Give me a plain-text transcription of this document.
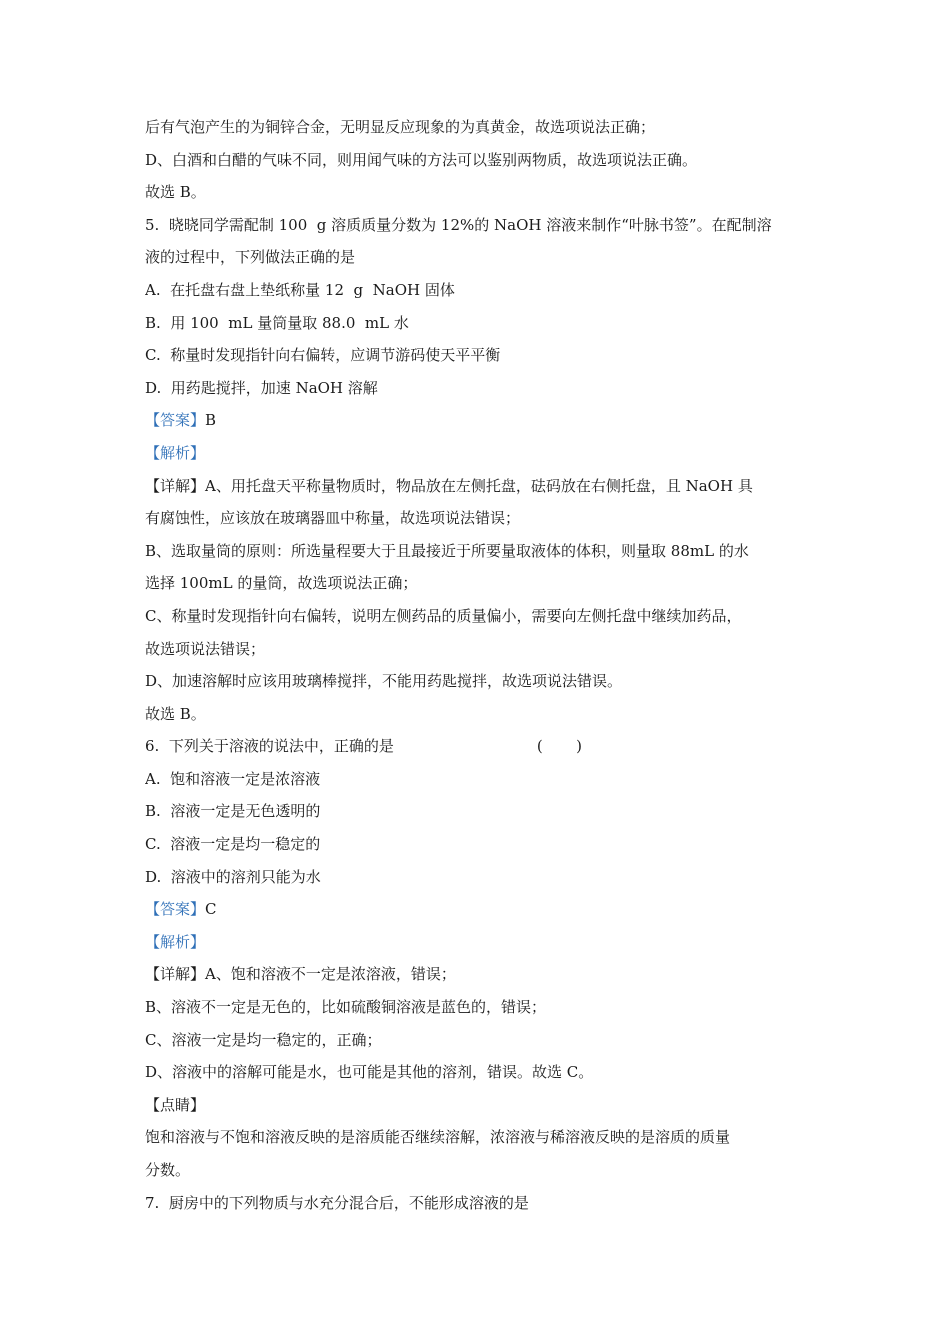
后有气泡产生的为铜锌合金，无明显反应现象的为真黄金，故选项说法正确；
D、白酒和白醋的气味不同，则用闻气味的方法可以鉴别两物质，故选项说法正确。
故选 B。
5.  晓晓同学需配制 100  g 溶质质量分数为 12%的 NaOH 溶液来制作“叶脉书签”。在配制溶
液的过程中，下列做法正确的是
A.  在托盘右盘上垫纸称量 12  g  NaOH 固体
B.  用 100  mL 量筒量取 88.0  mL 水
C.  称量时发现指针向右偏转，应调节游码使天平平衡
D.  用药匙搅拌，加速 NaOH 溶解
【答案】B
【解析】
【详解】A、用托盘天平称量物质时，物品放在左侧托盘，砝码放在右侧托盘，且 NaOH 具
有腐蚀性，应该放在玻璃器皿中称量，故选项说法错误；
B、选取量筒的原则：所选量程要大于且最接近于所要量取液体的体积，则量取 88mL 的水
选择 100mL 的量筒，故选项说法正确；
C、称量时发现指针向右偏转，说明左侧药品的质量偏小，需要向左侧托盘中继续加药品，
故选项说法错误；
D、加速溶解时应该用玻璃棒搅拌，不能用药匙搅拌，故选项说法错误。
故选 B。
6.  下列关于溶液的说法中，正确的是                              (       )
A.  饱和溶液一定是浓溶液
B.  溶液一定是无色透明的
C.  溶液一定是均一稳定的
D.  溶液中的溶剂只能为水
【答案】C
【解析】
【详解】A、饱和溶液不一定是浓溶液，错误；
B、溶液不一定是无色的，比如硫酸铜溶液是蓝色的，错误；
C、溶液一定是均一稳定的，正确；
D、溶液中的溶解可能是水，也可能是其他的溶剂，错误。故选 C。
【点睛】
饱和溶液与不饱和溶液反映的是溶质能否继续溶解，浓溶液与稀溶液反映的是溶质的质量
分数。
7.  厨房中的下列物质与水充分混合后，不能形成溶液的是
